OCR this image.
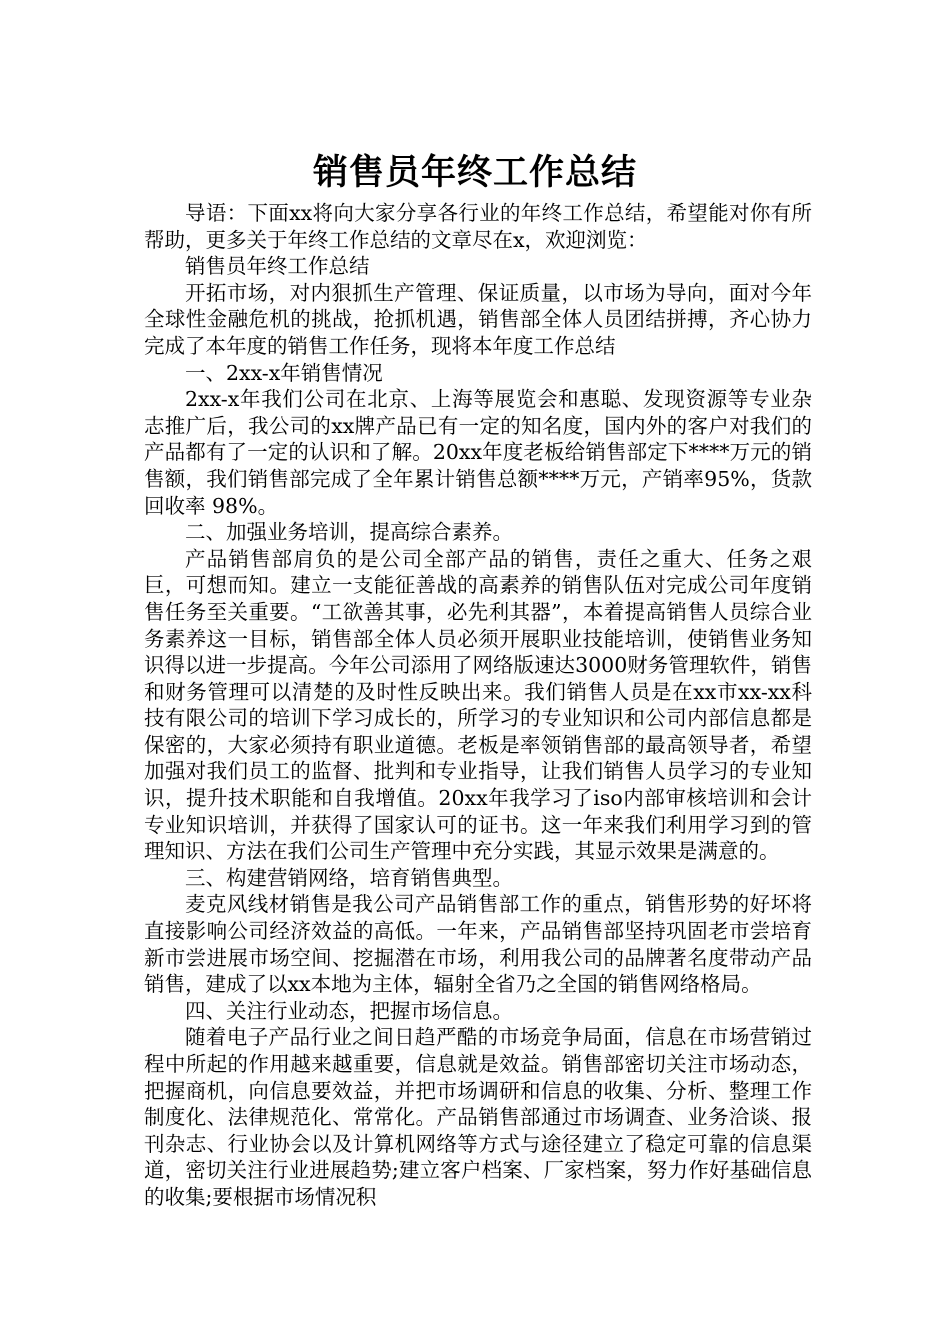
销售员年终工作总结

导语：下面xx将向大家分享各行业的年终工作总结，希望能对你有所帮助，更多关于年终工作总结的文章尽在x，欢迎浏览：

销售员年终工作总结

开拓市场，对内狠抓生产管理、保证质量，以市场为导向，面对今年全球性金融危机的挑战，抢抓机遇，销售部全体人员团结拼搏，齐心协力完成了本年度的销售工作任务，现将本年度工作总结

一、2xx-x年销售情况

2xx-x年我们公司在北京、上海等展览会和惠聪、发现资源等专业杂志推广后，我公司的xx牌产品已有一定的知名度，国内外的客户对我们的产品都有了一定的认识和了解。20xx年度老板给销售部定下****万元的销售额，我们销售部完成了全年累计销售总额****万元，产销率95%，货款回收率 98%。

二、加强业务培训，提高综合素养。

产品销售部肩负的是公司全部产品的销售，责任之重大、任务之艰巨，可想而知。建立一支能征善战的高素养的销售队伍对完成公司年度销售任务至关重要。“工欲善其事，必先利其器”，本着提高销售人员综合业务素养这一目标，销售部全体人员必须开展职业技能培训，使销售业务知识得以进一步提高。今年公司添用了网络版速达3000财务管理软件，销售和财务管理可以清楚的及时性反映出来。我们销售人员是在xx市xx-xx科技有限公司的培训下学习成长的，所学习的专业知识和公司内部信息都是保密的，大家必须持有职业道德。老板是率领销售部的最高领导者，希望加强对我们员工的监督、批判和专业指导，让我们销售人员学习的专业知识，提升技术职能和自我增值。20xx年我学习了iso内部审核培训和会计专业知识培训，并获得了国家认可的证书。这一年来我们利用学习到的管理知识、方法在我们公司生产管理中充分实践，其显示效果是满意的。

三、构建营销网络，培育销售典型。

麦克风线材销售是我公司产品销售部工作的重点，销售形势的好坏将直接影响公司经济效益的高低。一年来，产品销售部坚持巩固老市尝培育新市尝进展市场空间、挖掘潜在市场，利用我公司的品牌著名度带动产品销售，建成了以xx本地为主体，辐射全省乃之全国的销售网络格局。

四、关注行业动态，把握市场信息。

随着电子产品行业之间日趋严酷的市场竞争局面，信息在市场营销过程中所起的作用越来越重要，信息就是效益。销售部密切关注市场动态，把握商机，向信息要效益，并把市场调研和信息的收集、分析、整理工作制度化、法律规范化、常常化。产品销售部通过市场调查、业务洽谈、报刊杂志、行业协会以及计算机网络等方式与途径建立了稳定可靠的信息渠道，密切关注行业进展趋势;建立客户档案、厂家档案，努力作好基础信息的收集;要根据市场情况积
